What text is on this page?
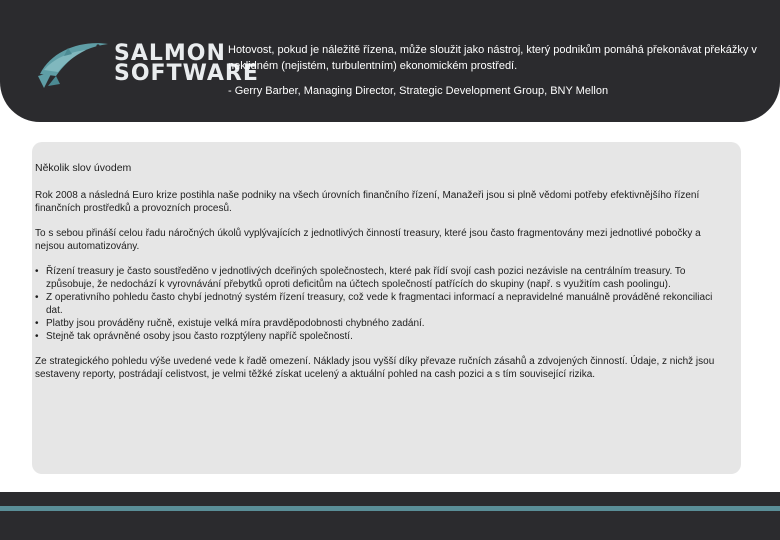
SALMON
SOFTWARE
Hotovost, pokud je náležitě řízena, může sloužit jako nástroj, který podnikům pomáhá překonávat překážky v neklidném (nejistém, turbulentním) ekonomickém prostředí.
- Gerry Barber, Managing Director, Strategic Development Group, BNY Mellon

Několik slov úvodem

Rok 2008 a následná Euro krize postihla naše podniky na všech úrovních finančního řízení, Manažeři jsou si plně vědomi potřeby efektivnějšího řízení finančních prostředků a provozních procesů.

To s sebou přináší celou řadu náročných úkolů vyplývajících z jednotlivých činností treasury, které jsou často fragmentovány mezi jednotlivé pobočky a nejsou automatizovány.

• Řízení treasury je často soustředěno v jednotlivých dceřiných společnostech, které pak řídí svojí cash pozici nezávisle na centrálním treasury. To způsobuje, že nedochází k vyrovnávání přebytků oproti deficitům na účtech společností patřících do skupiny (např. s využitím cash poolingu).
• Z operativního pohledu často chybí jednotný systém řízení treasury, což vede k fragmentaci informací a nepravidelné manuálně prováděné rekonciliaci dat.
• Platby jsou prováděny ručně, existuje velká míra pravděpodobnosti chybného zadání.
• Stejně tak oprávněné osoby jsou často rozptýleny napříč společností.

Ze strategického pohledu výše uvedené vede k řadě omezení. Náklady jsou vyšší díky převaze ručních zásahů a zdvojených činností. Údaje, z nichž jsou sestaveny reporty, postrádají celistvost, je velmi těžké získat ucelený a aktuální pohled na cash pozici a s tím související rizika.
